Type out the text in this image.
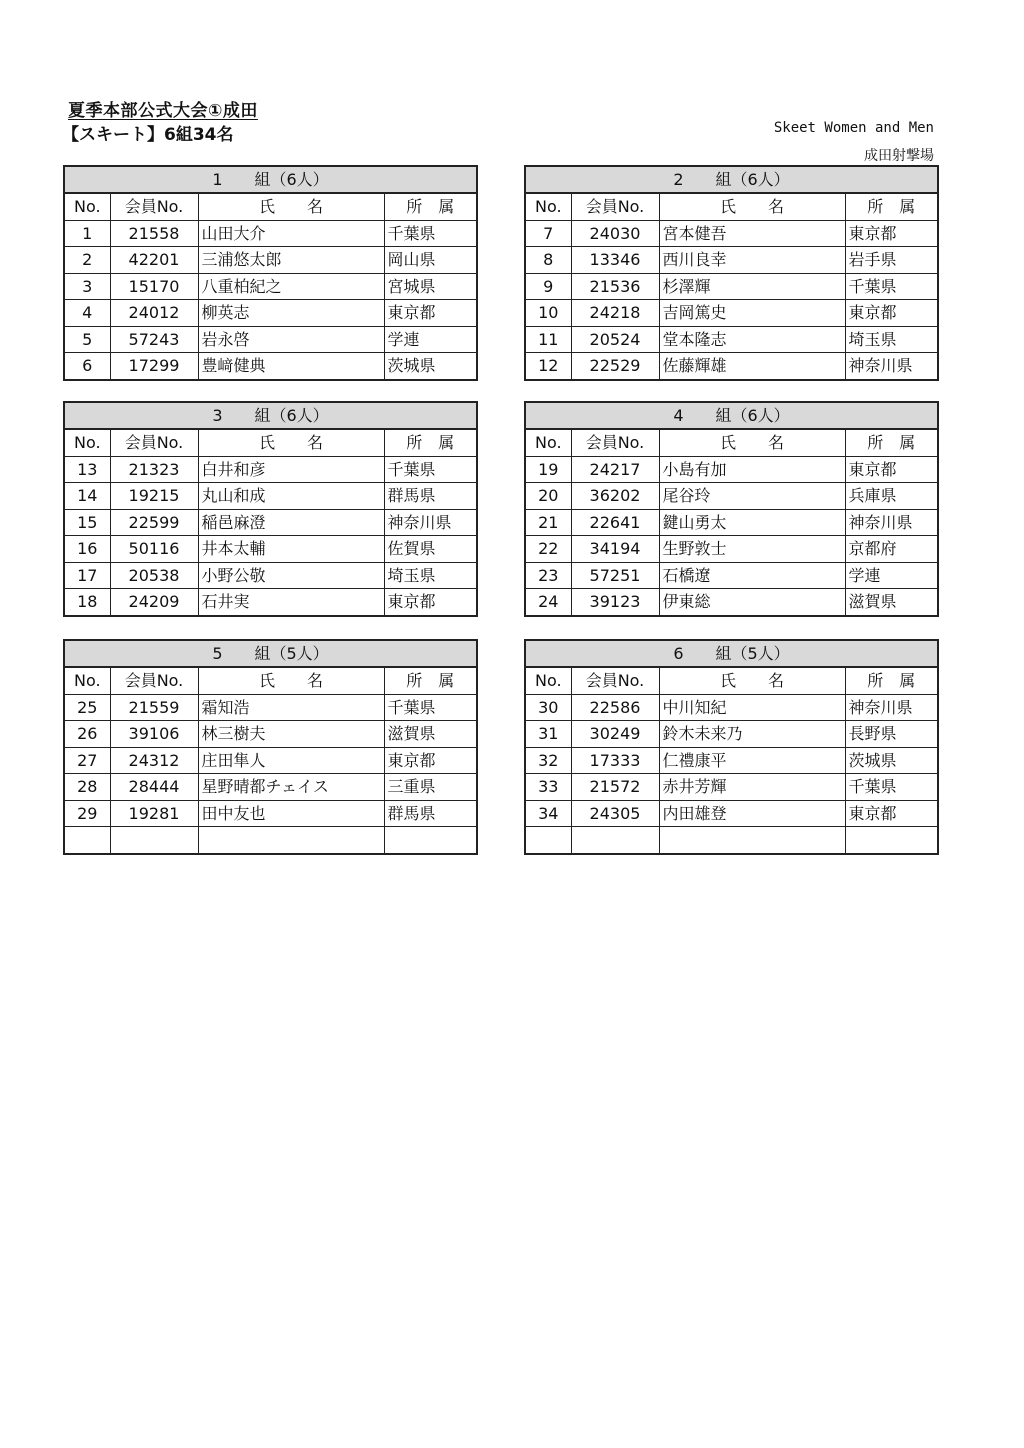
夏季本部公式大会①成田
【スキート】6組34名	Skeet Women and Men
成田射撃場
1　　組（6人）			
No.	会員No.	氏　　名	所　属
1	21558	山田大介	千葉県
2	42201	三浦悠太郎	岡山県
3	15170	八重柏紀之	宮城県
4	24012	柳英志	東京都
5	57243	岩永啓	学連
6	17299	豊﨑健典	茨城県
2　　組（6人）			
No.	会員No.	氏　　名	所　属
7	24030	宮本健吾	東京都
8	13346	西川良幸	岩手県
9	21536	杉澤輝	千葉県
10	24218	吉岡篤史	東京都
11	20524	堂本隆志	埼玉県
12	22529	佐藤輝雄	神奈川県
3　　組（6人）			
No.	会員No.	氏　　名	所　属
13	21323	白井和彦	千葉県
14	19215	丸山和成	群馬県
15	22599	稲邑麻澄	神奈川県
16	50116	井本太輔	佐賀県
17	20538	小野公敬	埼玉県
18	24209	石井実	東京都
4　　組（6人）			
No.	会員No.	氏　　名	所　属
19	24217	小島有加	東京都
20	36202	尾谷玲	兵庫県
21	22641	鍵山勇太	神奈川県
22	34194	生野敦士	京都府
23	57251	石橋遼	学連
24	39123	伊東総	滋賀県
5　　組（5人）			
No.	会員No.	氏　　名	所　属
25	21559	霜知浩	千葉県
26	39106	林三樹夫	滋賀県
27	24312	庄田隼人	東京都
28	28444	星野晴都チェイス	三重県
29	19281	田中友也	群馬県

6　　組（5人）			
No.	会員No.	氏　　名	所　属
30	22586	中川知紀	神奈川県
31	30249	鈴木未来乃	長野県
32	17333	仁禮康平	茨城県
33	21572	赤井芳輝	千葉県
34	24305	内田雄登	東京都
